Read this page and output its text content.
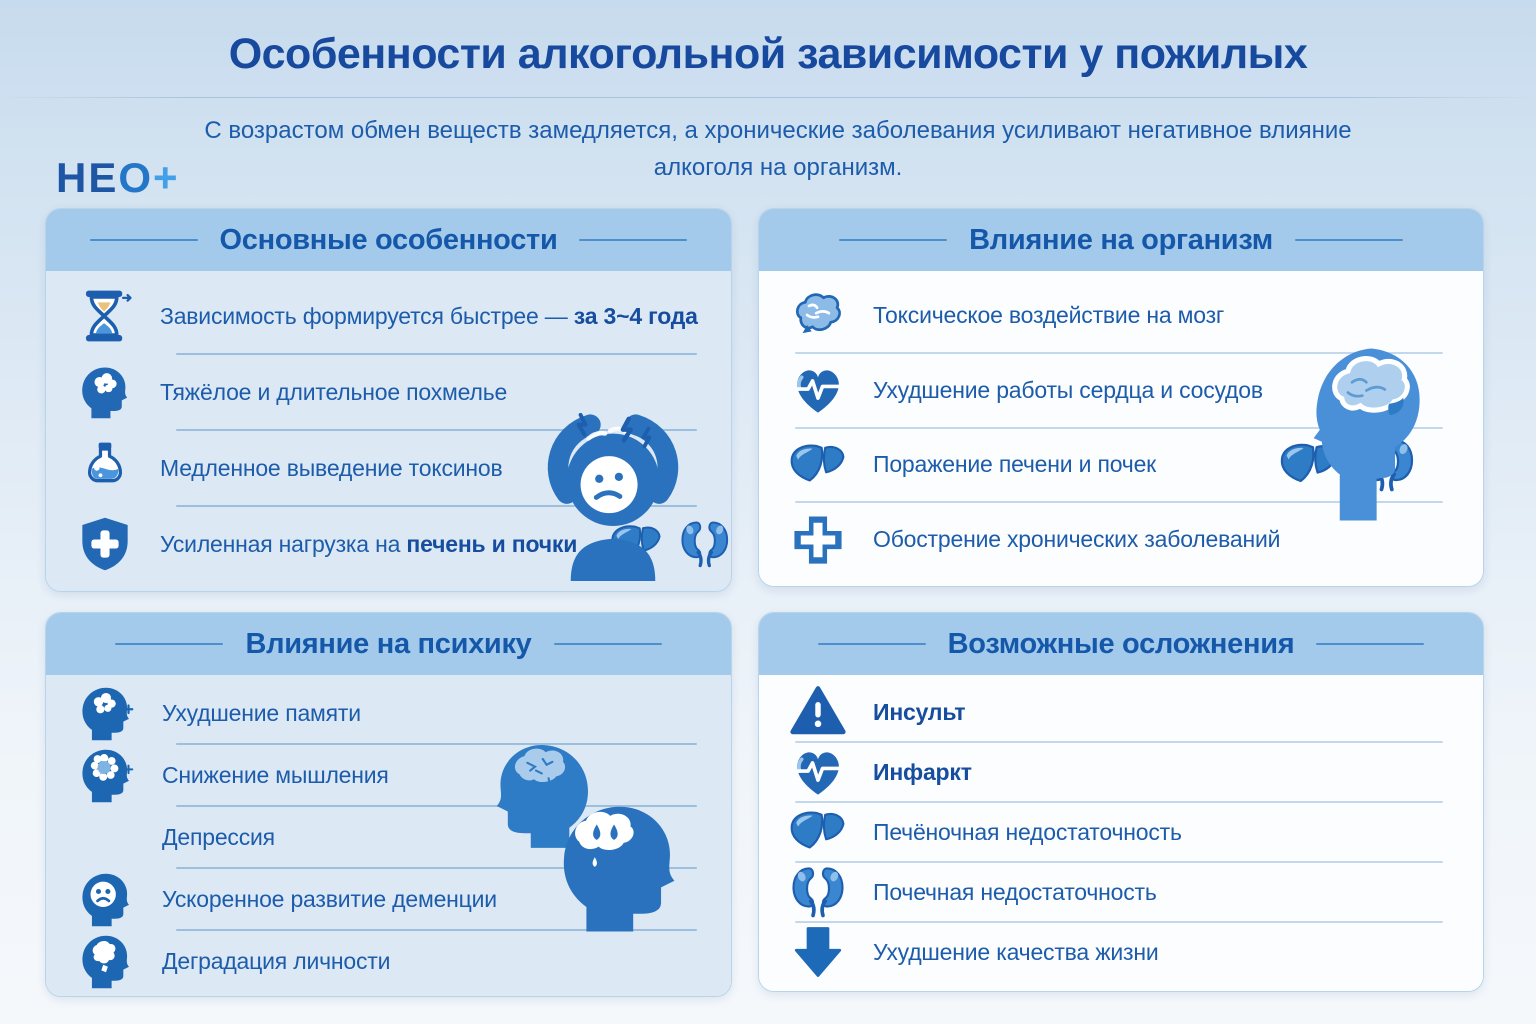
Особенности алкогольной зависимости у пожилых

С возрастом обмен веществ замедляется, а хронические заболевания усиливают негативное влияние алкоголя на организм.

НЕО+
Основные особенности
Зависимость формируется быстрее — за 3~4 года
Тяжёлое и длительное похмелье
Медленное выведение токсинов
Усиленная нагрузка на печень и почки
Влияние на организм
Токсическое воздействие на мозг
Ухудшение работы сердца и сосудов
Поражение печени и почек
Обострение хронических заболеваний
Влияние на психику
Ухудшение памяти
Снижение мышления
Депрессия
Ускоренное развитие деменции
Деградация личности
Возможные осложнения
Инсульт
Инфаркт
Печёночная недостаточность
Почечная недостаточность
Ухудшение качества жизни
